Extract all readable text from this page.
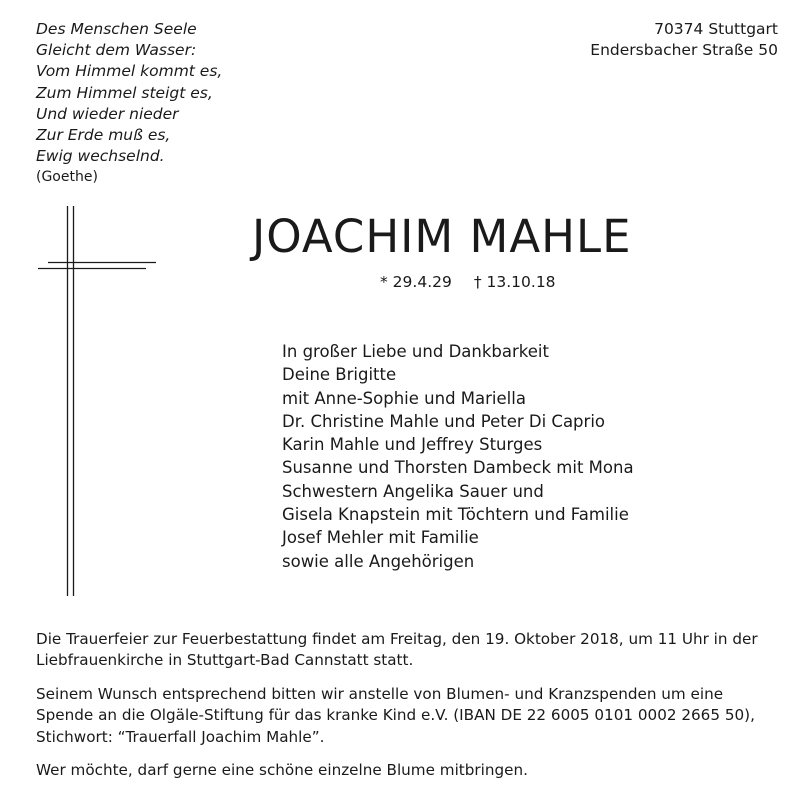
Des Menschen Seele
Gleicht dem Wasser:
Vom Himmel kommt es,
Zum Himmel steigt es,
Und wieder nieder
Zur Erde muß es,
Ewig wechselnd.
(Goethe)
70374 Stuttgart
Endersbacher Straße 50
JOACHIM MAHLE
* 29.4.29 † 13.10.18
In großer Liebe und Dankbarkeit
Deine Brigitte
mit Anne-Sophie und Mariella
Dr. Christine Mahle und Peter Di Caprio
Karin Mahle und Jeffrey Sturges
Susanne und Thorsten Dambeck mit Mona
Schwestern Angelika Sauer und
Gisela Knapstein mit Töchtern und Familie
Josef Mehler mit Familie
sowie alle Angehörigen

Die Trauerfeier zur Feuerbestattung findet am Freitag, den 19. Oktober 2018, um 11 Uhr in der Liebfrauenkirche in Stuttgart-Bad Cannstatt statt.

Seinem Wunsch entsprechend bitten wir anstelle von Blumen- und Kranzspenden um eine Spende an die Olgäle-Stiftung für das kranke Kind e.V. (IBAN DE 22 6005 0101 0002 2665 50), Stichwort: “Trauerfall Joachim Mahle”.

Wer möchte, darf gerne eine schöne einzelne Blume mitbringen.
